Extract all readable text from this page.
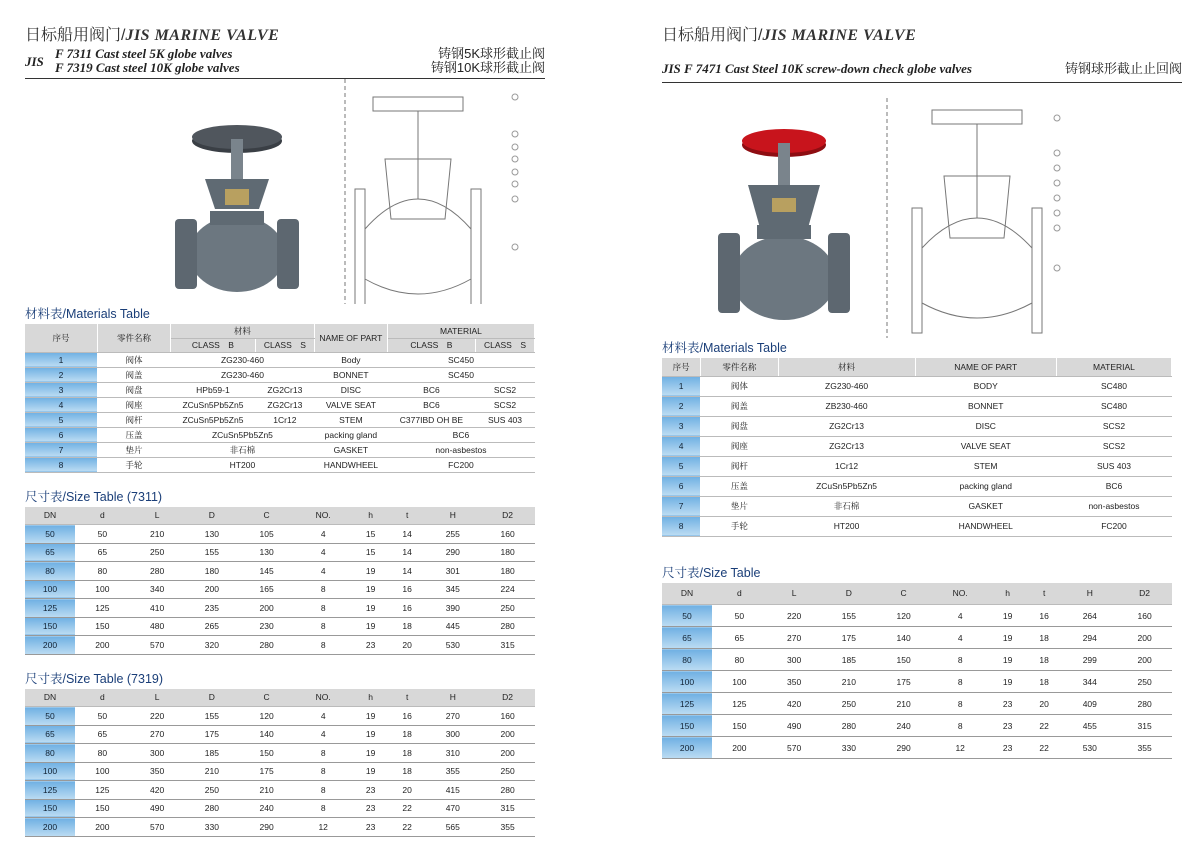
日标船用阀门/JIS MARINE VALVE
JIS
F 7311 Cast steel 5K globe valves
F 7319 Cast steel 10K globe valves
铸钢5K球形截止阀
铸钢10K球形截止阀
材料表/Materials Table
序号	零件名称	材料		NAME OF PART	MATERIAL	
		CLASS　B	CLASS　S		CLASS　B	CLASS　S
1	阀体	ZG230-460		Body	SC450	
2	阀盖	ZG230-460		BONNET	SC450	
3	阀盘	HPb59-1	ZG2Cr13	DISC	BC6	SCS2
4	阀座	ZCuSn5Pb5Zn5	ZG2Cr13	VALVE SEAT	BC6	SCS2
5	阀杆	ZCuSn5Pb5Zn5	1Cr12	STEM	C377IBD OH BE	SUS 403
6	压盖	ZCuSn5Pb5Zn5		packing gland	BC6	
7	垫片	非石棉		GASKET	non-asbestos	
8	手轮	HT200		HANDWHEEL	FC200	
尺寸表/Size Table (7311)
DN	d	L	D	C	NO.	h	t	H	D2
50	50	210	130	105	4	15	14	255	160
65	65	250	155	130	4	15	14	290	180
80	80	280	180	145	4	19	14	301	180
100	100	340	200	165	8	19	16	345	224
125	125	410	235	200	8	19	16	390	250
150	150	480	265	230	8	19	18	445	280
200	200	570	320	280	8	23	20	530	315
尺寸表/Size Table (7319)
DN	d	L	D	C	NO.	h	t	H	D2
50	50	220	155	120	4	19	16	270	160
65	65	270	175	140	4	19	18	300	200
80	80	300	185	150	8	19	18	310	200
100	100	350	210	175	8	19	18	355	250
125	125	420	250	210	8	23	20	415	280
150	150	490	280	240	8	23	22	470	315
200	200	570	330	290	12	23	22	565	355
日标船用阀门/JIS MARINE VALVE
JIS F 7471 Cast Steel 10K screw-down check globe valves	铸钢球形截止止回阀
材料表/Materials Table
序号	零件名称	材料	NAME OF PART	MATERIAL
1	阀体	ZG230-460	BODY	SC480
2	阀盖	ZB230-460	BONNET	SC480
3	阀盘	ZG2Cr13	DISC	SCS2
4	阀座	ZG2Cr13	VALVE SEAT	SCS2
5	阀杆	1Cr12	STEM	SUS 403
6	压盖	ZCuSn5Pb5Zn5	packing gland	BC6
7	垫片	非石棉	GASKET	non-asbestos
8	手轮	HT200	HANDWHEEL	FC200
尺寸表/Size Table
DN	d	L	D	C	NO.	h	t	H	D2
50	50	220	155	120	4	19	16	264	160
65	65	270	175	140	4	19	18	294	200
80	80	300	185	150	8	19	18	299	200
100	100	350	210	175	8	19	18	344	250
125	125	420	250	210	8	23	20	409	280
150	150	490	280	240	8	23	22	455	315
200	200	570	330	290	12	23	22	530	355
